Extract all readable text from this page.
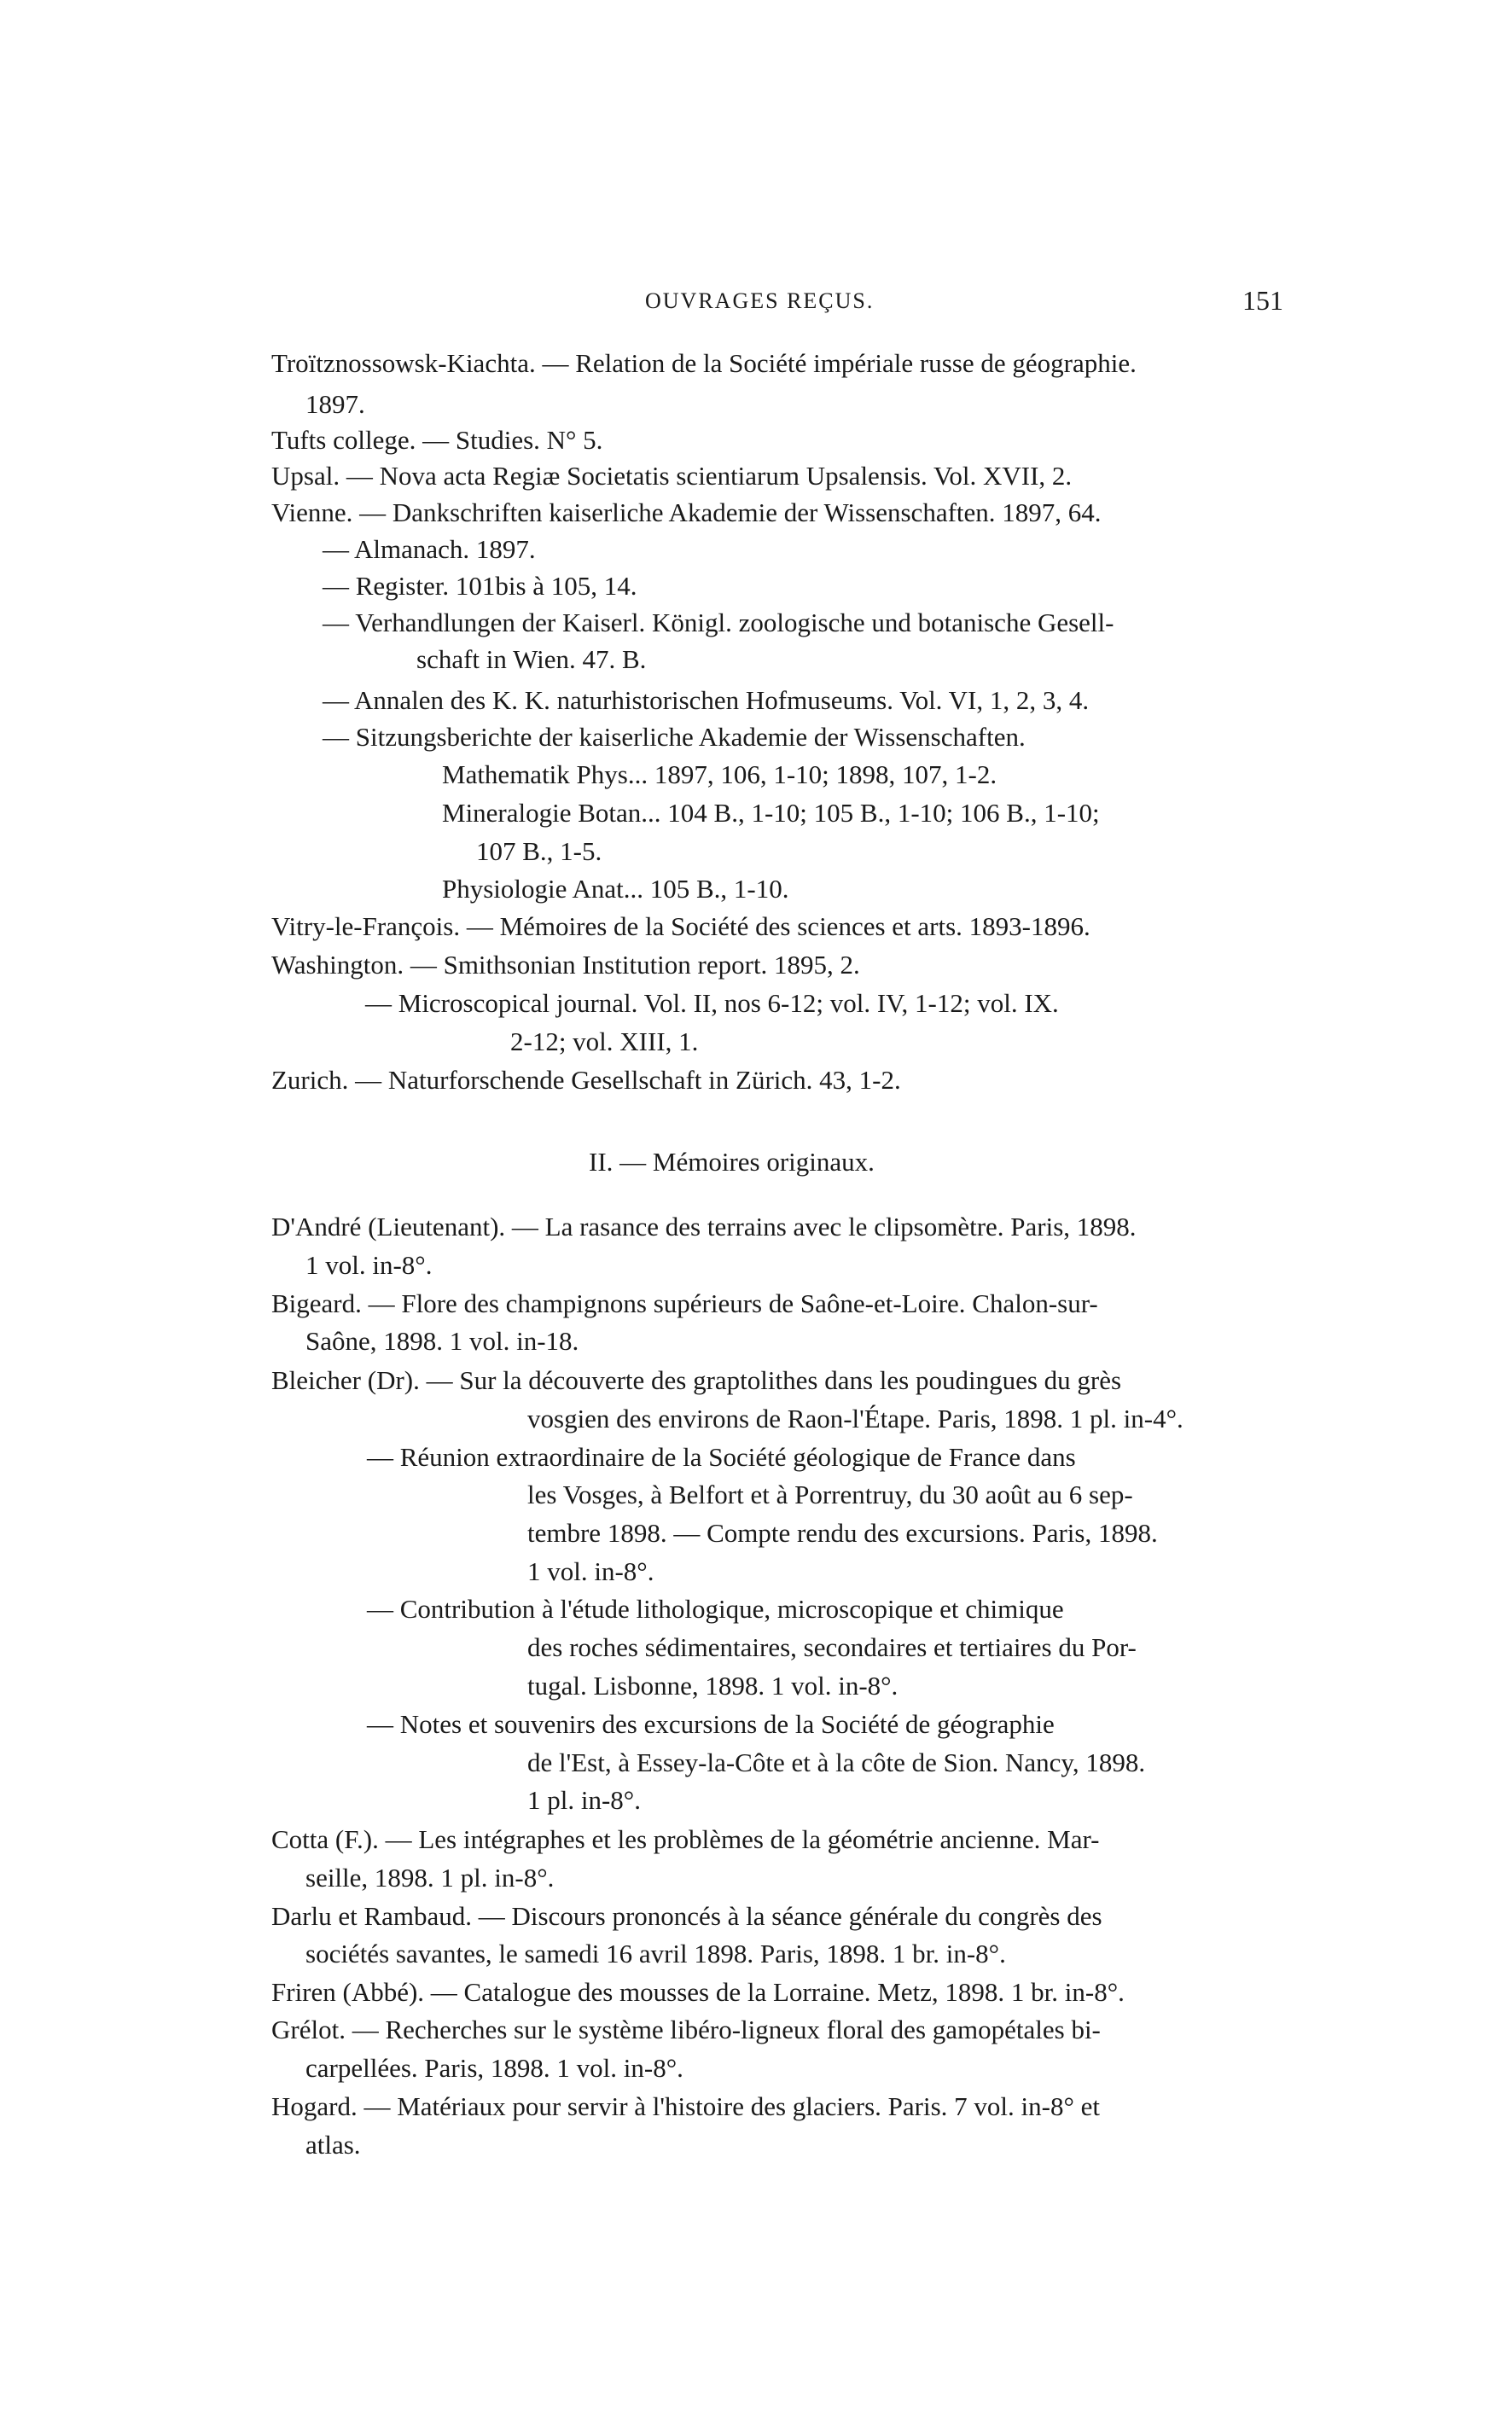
OUVRAGES REÇUS.	151
Troïtznossowsk-Kiachta. — Relation de la Société impériale russe de géographie.
1897.
Tufts college. — Studies. N° 5.
Upsal. — Nova acta Regiæ Societatis scientiarum Upsalensis. Vol. XVII, 2.
Vienne. — Dankschriften kaiserliche Akademie der Wissenschaften. 1897, 64.
— Almanach. 1897.
— Register. 101bis à 105, 14.
— Verhandlungen der Kaiserl. Königl. zoologische und botanische Gesell-
schaft in Wien. 47. B.
— Annalen des K. K. naturhistorischen Hofmuseums. Vol. VI, 1, 2, 3, 4.
— Sitzungsberichte der kaiserliche Akademie der Wissenschaften.
Mathematik Phys... 1897, 106, 1-10; 1898, 107, 1-2.
Mineralogie Botan... 104 B., 1-10; 105 B., 1-10; 106 B., 1-10;
107 B., 1-5.
Physiologie Anat... 105 B., 1-10.
Vitry-le-François. — Mémoires de la Société des sciences et arts. 1893-1896.
Washington. — Smithsonian Institution report. 1895, 2.
— Microscopical journal. Vol. II, nos 6-12; vol. IV, 1-12; vol. IX.
2-12; vol. XIII, 1.
Zurich. — Naturforschende Gesellschaft in Zürich. 43, 1-2.
II. — Mémoires originaux.
D'André (Lieutenant). — La rasance des terrains avec le clipsomètre. Paris, 1898.
1 vol. in-8°.
Bigeard. — Flore des champignons supérieurs de Saône-et-Loire. Chalon-sur-
Saône, 1898. 1 vol. in-18.
Bleicher (Dr). — Sur la découverte des graptolithes dans les poudingues du grès
vosgien des environs de Raon-l'Étape. Paris, 1898. 1 pl. in-4°.
— Réunion extraordinaire de la Société géologique de France dans
les Vosges, à Belfort et à Porrentruy, du 30 août au 6 sep-
tembre 1898. — Compte rendu des excursions. Paris, 1898.
1 vol. in-8°.
— Contribution à l'étude lithologique, microscopique et chimique
des roches sédimentaires, secondaires et tertiaires du Por-
tugal. Lisbonne, 1898. 1 vol. in-8°.
— Notes et souvenirs des excursions de la Société de géographie
de l'Est, à Essey-la-Côte et à la côte de Sion. Nancy, 1898.
1 pl. in-8°.
Cotta (F.). — Les intégraphes et les problèmes de la géométrie ancienne. Mar-
seille, 1898. 1 pl. in-8°.
Darlu et Rambaud. — Discours prononcés à la séance générale du congrès des
sociétés savantes, le samedi 16 avril 1898. Paris, 1898. 1 br. in-8°.
Friren (Abbé). — Catalogue des mousses de la Lorraine. Metz, 1898. 1 br. in-8°.
Grélot. — Recherches sur le système libéro-ligneux floral des gamopétales bi-
carpellées. Paris, 1898. 1 vol. in-8°.
Hogard. — Matériaux pour servir à l'histoire des glaciers. Paris. 7 vol. in-8° et
atlas.
